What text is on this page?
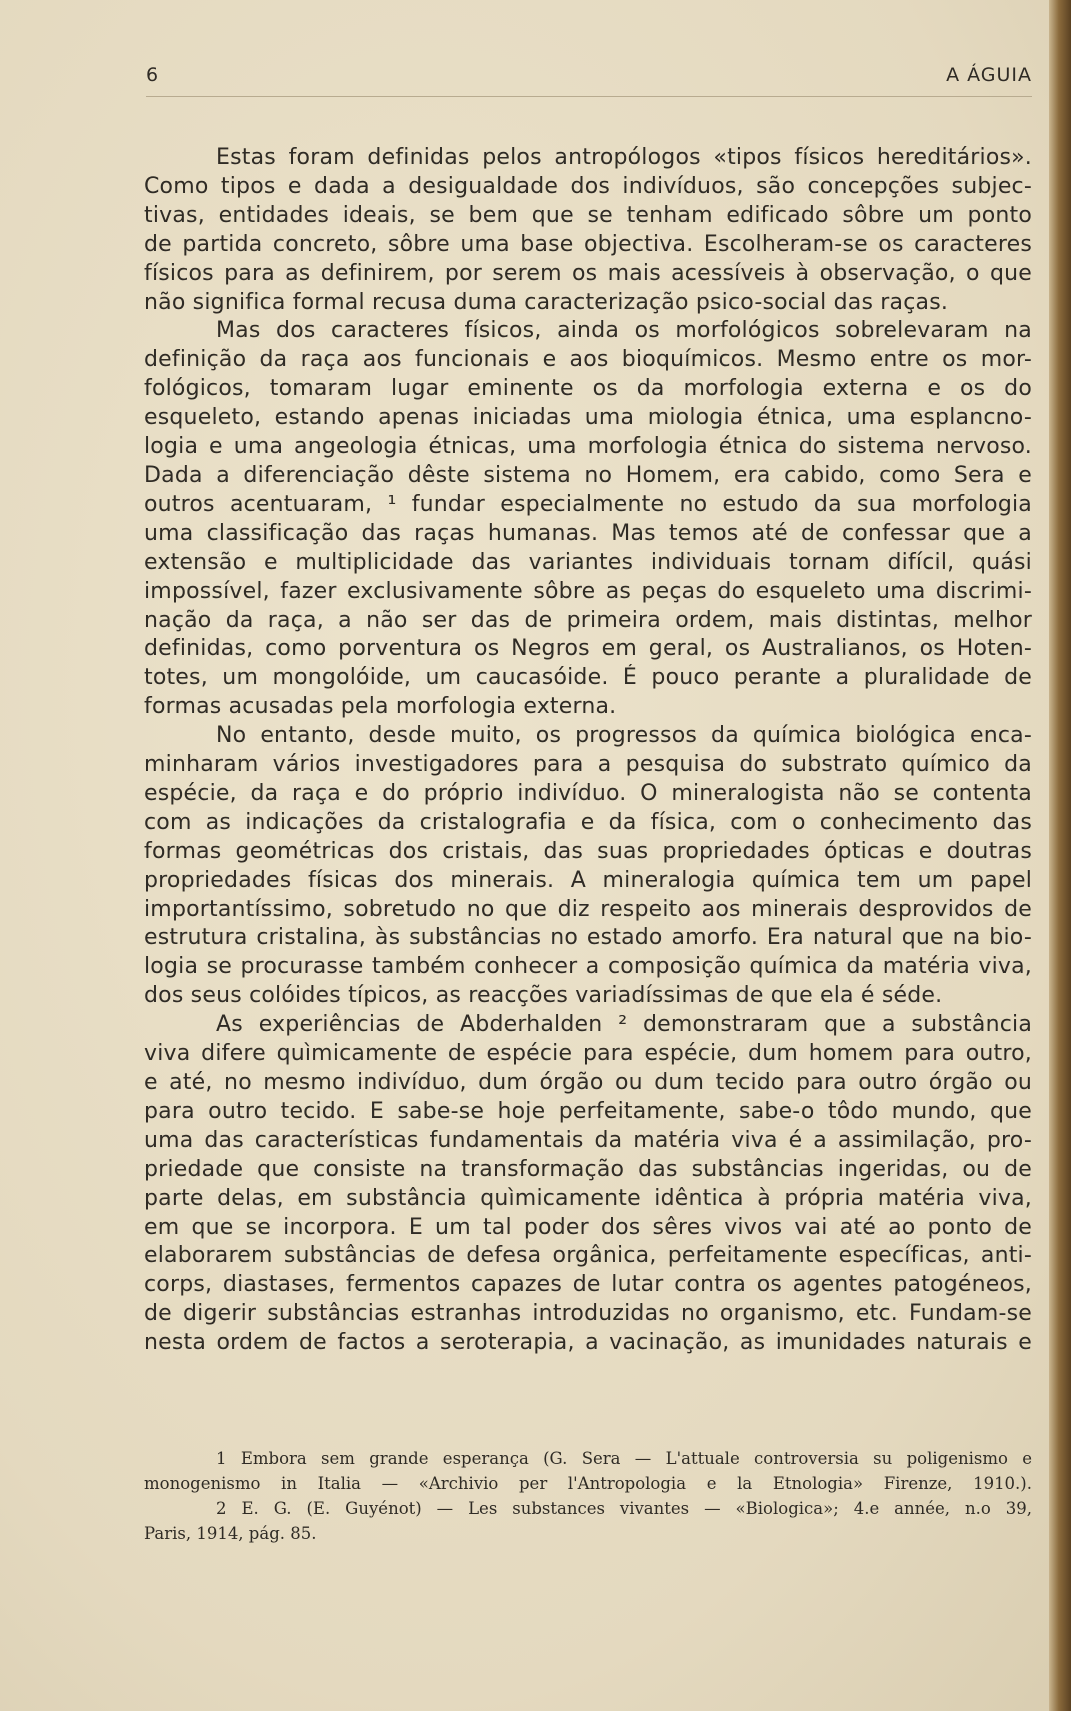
6	A ÁGUIA
Estas foram definidas pelos antropólogos «tipos físicos hereditários».
Como tipos e dada a desigualdade dos indivíduos, são concepções subjec-
tivas, entidades ideais, se bem que se tenham edificado sôbre um ponto
de partida concreto, sôbre uma base objectiva. Escolheram-se os caracteres
físicos para as definirem, por serem os mais acessíveis à observação, o que
não significa formal recusa duma caracterização psico-social das raças.
Mas dos caracteres físicos, ainda os morfológicos sobrelevaram na
definição da raça aos funcionais e aos bioquímicos. Mesmo entre os mor-
fológicos, tomaram lugar eminente os da morfologia externa e os do
esqueleto, estando apenas iniciadas uma miologia étnica, uma esplancno-
logia e uma angeologia étnicas, uma morfologia étnica do sistema nervoso.
Dada a diferenciação dêste sistema no Homem, era cabido, como Sera e
outros acentuaram, ¹ fundar especialmente no estudo da sua morfologia
uma classificação das raças humanas. Mas temos até de confessar que a
extensão e multiplicidade das variantes individuais tornam difícil, quási
impossível, fazer exclusivamente sôbre as peças do esqueleto uma discrimi-
nação da raça, a não ser das de primeira ordem, mais distintas, melhor
definidas, como porventura os Negros em geral, os Australianos, os Hoten-
totes, um mongolóide, um caucasóide. É pouco perante a pluralidade de
formas acusadas pela morfologia externa.
No entanto, desde muito, os progressos da química biológica enca-
minharam vários investigadores para a pesquisa do substrato químico da
espécie, da raça e do próprio indivíduo. O mineralogista não se contenta
com as indicações da cristalografia e da física, com o conhecimento das
formas geométricas dos cristais, das suas propriedades ópticas e doutras
propriedades físicas dos minerais. A mineralogia química tem um papel
importantíssimo, sobretudo no que diz respeito aos minerais desprovidos de
estrutura cristalina, às substâncias no estado amorfo. Era natural que na bio-
logia se procurasse também conhecer a composição química da matéria viva,
dos seus colóides típicos, as reacções variadíssimas de que ela é séde.
As experiências de Abderhalden ² demonstraram que a substância
viva difere quìmicamente de espécie para espécie, dum homem para outro,
e até, no mesmo indivíduo, dum órgão ou dum tecido para outro órgão ou
para outro tecido. E sabe-se hoje perfeitamente, sabe-o tôdo mundo, que
uma das características fundamentais da matéria viva é a assimilação, pro-
priedade que consiste na transformação das substâncias ingeridas, ou de
parte delas, em substância quìmicamente idêntica à própria matéria viva,
em que se incorpora. E um tal poder dos sêres vivos vai até ao ponto de
elaborarem substâncias de defesa orgânica, perfeitamente específicas, anti-
corps, diastases, fermentos capazes de lutar contra os agentes patogéneos,
de digerir substâncias estranhas introduzidas no organismo, etc. Fundam-se
nesta ordem de factos a seroterapia, a vacinação, as imunidades naturais e
1 Embora sem grande esperança (G. Sera — L'attuale controversia su poligenismo e
monogenismo in Italia — «Archivio per l'Antropologia e la Etnologia» Firenze, 1910.).
2 E. G. (E. Guyénot) — Les substances vivantes — «Biologica»; 4.e année, n.o 39,
Paris, 1914, pág. 85.
